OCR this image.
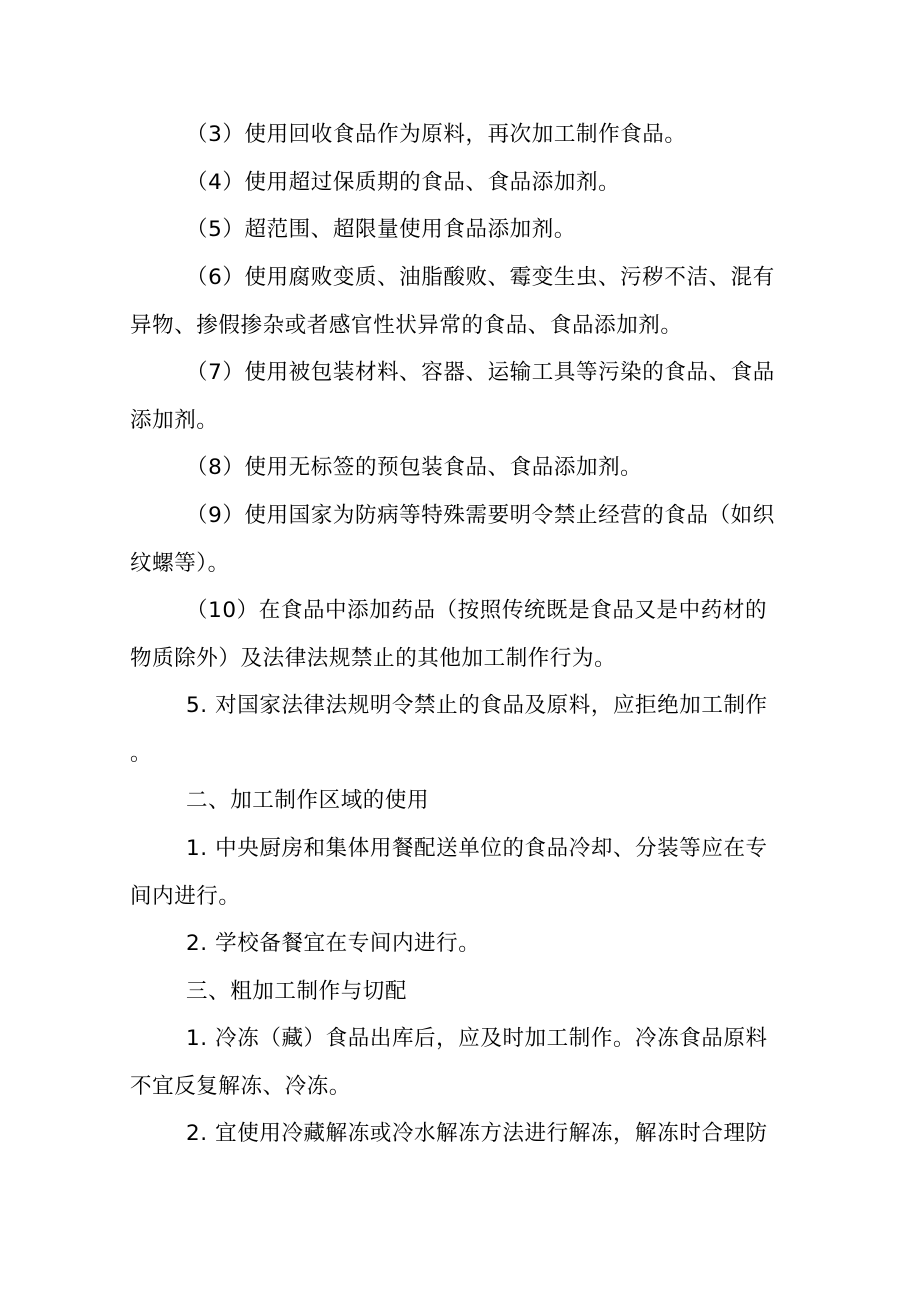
（3）使用回收食品作为原料，再次加工制作食品。
（4）使用超过保质期的食品、食品添加剂。
（5）超范围、超限量使用食品添加剂。
（6）使用腐败变质、油脂酸败、霉变生虫、污秽不洁、混有
异物、掺假掺杂或者感官性状异常的食品、食品添加剂。
（7）使用被包装材料、容器、运输工具等污染的食品、食品
添加剂。
（8）使用无标签的预包装食品、食品添加剂。
（9）使用国家为防病等特殊需要明令禁止经营的食品（如织
纹螺等）。
（10）在食品中添加药品（按照传统既是食品又是中药材的
物质除外）及法律法规禁止的其他加工制作行为。
5. 对国家法律法规明令禁止的食品及原料，应拒绝加工制作
。
二、加工制作区域的使用
1. 中央厨房和集体用餐配送单位的食品冷却、分装等应在专
间内进行。
2. 学校备餐宜在专间内进行。
三、粗加工制作与切配
1. 冷冻（藏）食品出库后，应及时加工制作。冷冻食品原料
不宜反复解冻、冷冻。
2. 宜使用冷藏解冻或冷水解冻方法进行解冻，解冻时合理防
